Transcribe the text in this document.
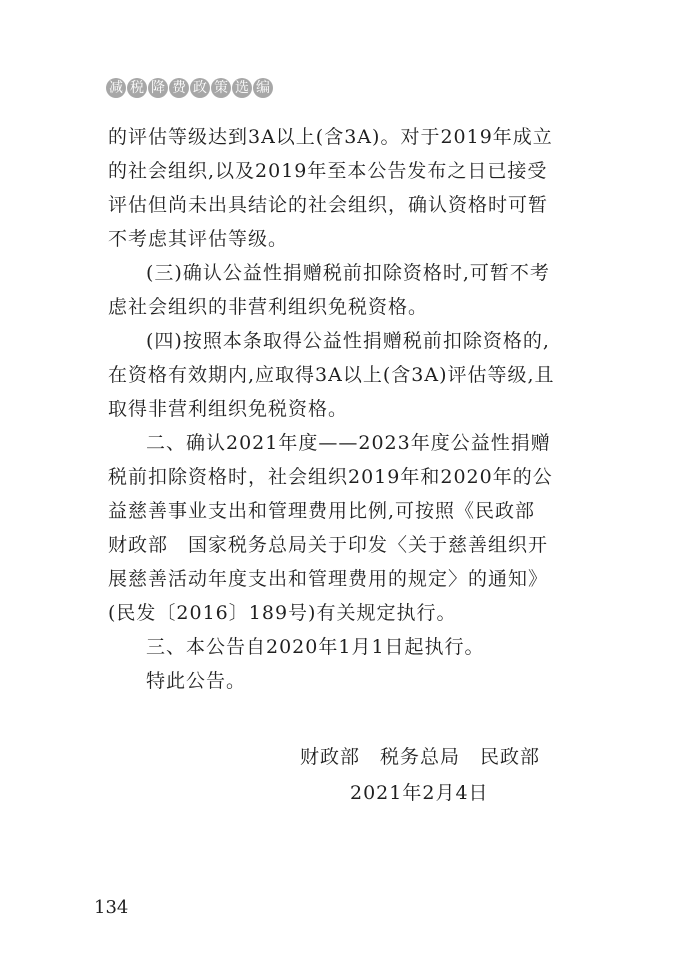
减 税 降 费 政 策 选 编

的评估等级达到3A以上(含3A)。对于2019年成立的社会组织,以及2019年至本公告发布之日已接受评估但尚未出具结论的社会组织，确认资格时可暂不考虑其评估等级。

(三)确认公益性捐赠税前扣除资格时,可暂不考虑社会组织的非营利组织免税资格。

(四)按照本条取得公益性捐赠税前扣除资格的,在资格有效期内,应取得3A以上(含3A)评估等级,且取得非营利组织免税资格。

二、确认2021年度——2023年度公益性捐赠税前扣除资格时，社会组织2019年和2020年的公益慈善事业支出和管理费用比例,可按照《民政部　财政部　国家税务总局关于印发〈关于慈善组织开展慈善活动年度支出和管理费用的规定〉的通知》(民发〔2016〕189号)有关规定执行。

三、本公告自2020年1月1日起执行。

特此公告。

财政部　税务总局　民政部
2021年2月4日
134
